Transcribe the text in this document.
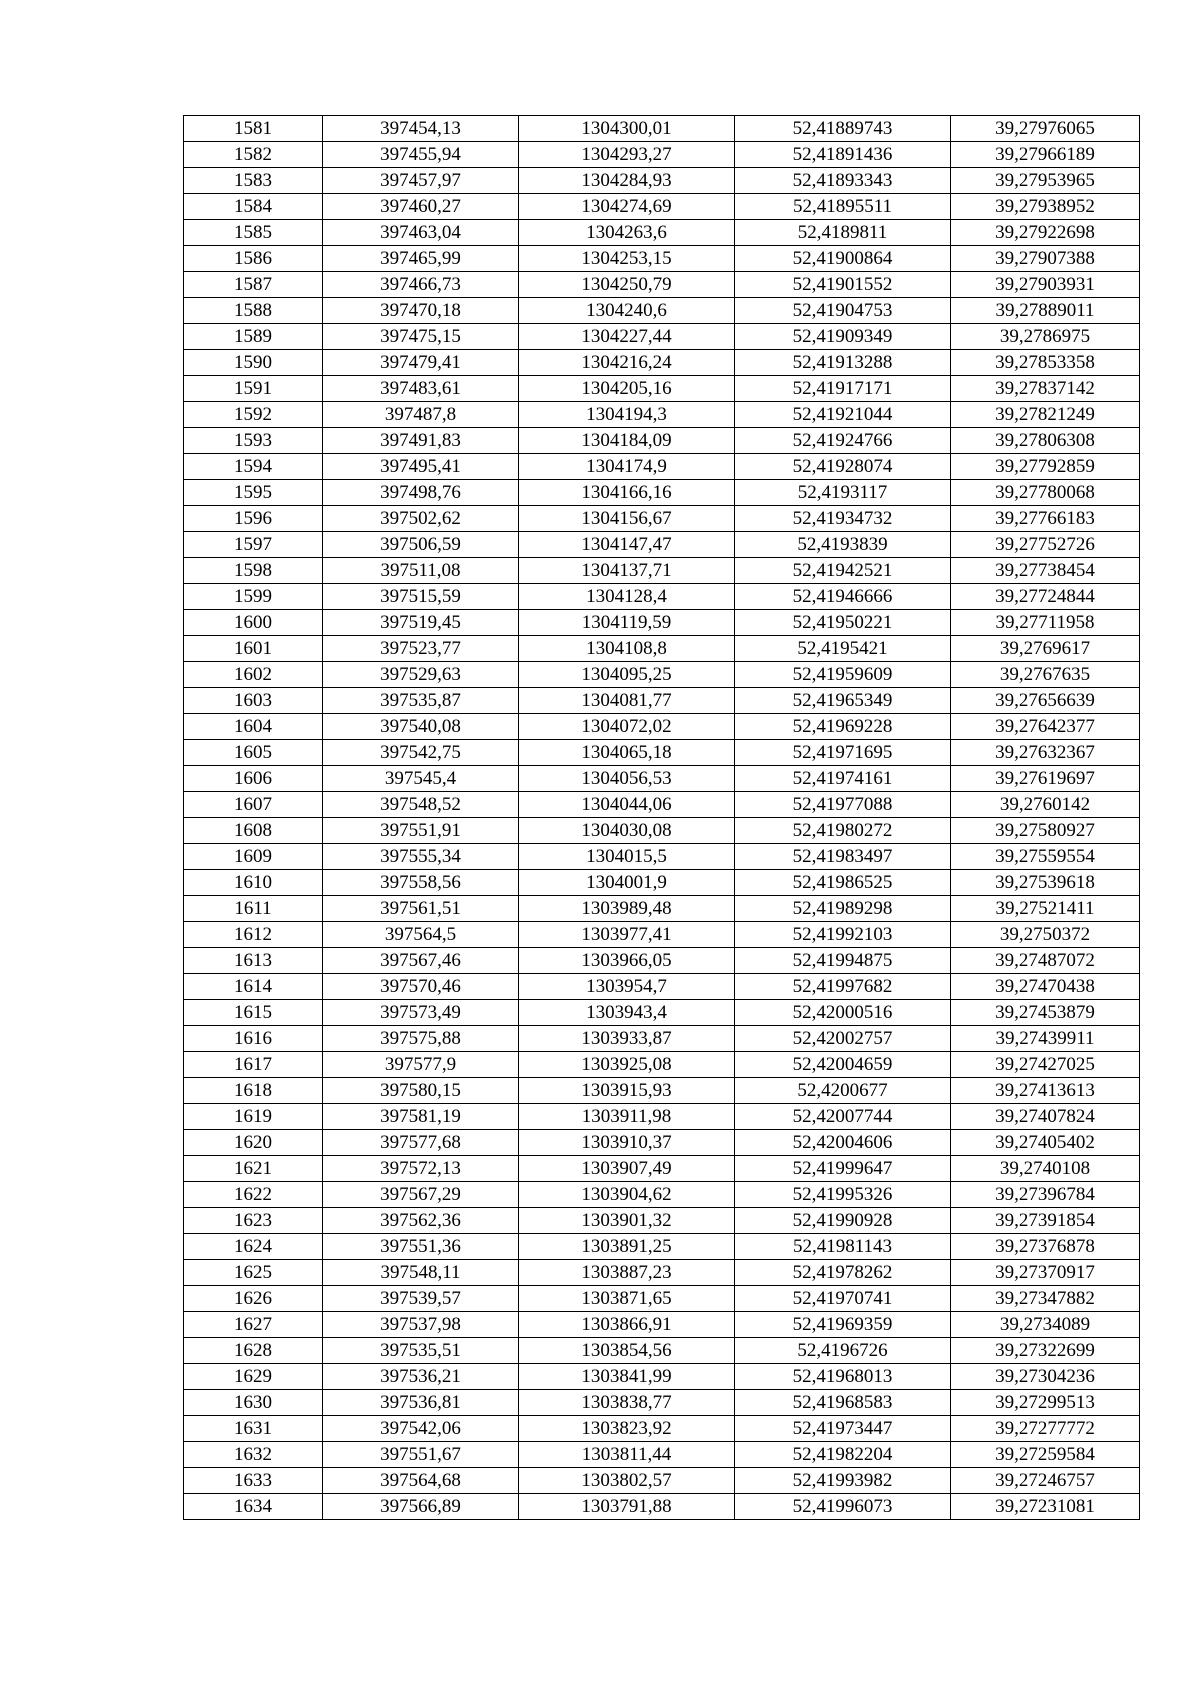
1581	397454,13	1304300,01	52,41889743	39,27976065
1582	397455,94	1304293,27	52,41891436	39,27966189
1583	397457,97	1304284,93	52,41893343	39,27953965
1584	397460,27	1304274,69	52,41895511	39,27938952
1585	397463,04	1304263,6	52,4189811	39,27922698
1586	397465,99	1304253,15	52,41900864	39,27907388
1587	397466,73	1304250,79	52,41901552	39,27903931
1588	397470,18	1304240,6	52,41904753	39,27889011
1589	397475,15	1304227,44	52,41909349	39,2786975
1590	397479,41	1304216,24	52,41913288	39,27853358
1591	397483,61	1304205,16	52,41917171	39,27837142
1592	397487,8	1304194,3	52,41921044	39,27821249
1593	397491,83	1304184,09	52,41924766	39,27806308
1594	397495,41	1304174,9	52,41928074	39,27792859
1595	397498,76	1304166,16	52,4193117	39,27780068
1596	397502,62	1304156,67	52,41934732	39,27766183
1597	397506,59	1304147,47	52,4193839	39,27752726
1598	397511,08	1304137,71	52,41942521	39,27738454
1599	397515,59	1304128,4	52,41946666	39,27724844
1600	397519,45	1304119,59	52,41950221	39,27711958
1601	397523,77	1304108,8	52,4195421	39,2769617
1602	397529,63	1304095,25	52,41959609	39,2767635
1603	397535,87	1304081,77	52,41965349	39,27656639
1604	397540,08	1304072,02	52,41969228	39,27642377
1605	397542,75	1304065,18	52,41971695	39,27632367
1606	397545,4	1304056,53	52,41974161	39,27619697
1607	397548,52	1304044,06	52,41977088	39,2760142
1608	397551,91	1304030,08	52,41980272	39,27580927
1609	397555,34	1304015,5	52,41983497	39,27559554
1610	397558,56	1304001,9	52,41986525	39,27539618
1611	397561,51	1303989,48	52,41989298	39,27521411
1612	397564,5	1303977,41	52,41992103	39,2750372
1613	397567,46	1303966,05	52,41994875	39,27487072
1614	397570,46	1303954,7	52,41997682	39,27470438
1615	397573,49	1303943,4	52,42000516	39,27453879
1616	397575,88	1303933,87	52,42002757	39,27439911
1617	397577,9	1303925,08	52,42004659	39,27427025
1618	397580,15	1303915,93	52,4200677	39,27413613
1619	397581,19	1303911,98	52,42007744	39,27407824
1620	397577,68	1303910,37	52,42004606	39,27405402
1621	397572,13	1303907,49	52,41999647	39,2740108
1622	397567,29	1303904,62	52,41995326	39,27396784
1623	397562,36	1303901,32	52,41990928	39,27391854
1624	397551,36	1303891,25	52,41981143	39,27376878
1625	397548,11	1303887,23	52,41978262	39,27370917
1626	397539,57	1303871,65	52,41970741	39,27347882
1627	397537,98	1303866,91	52,41969359	39,2734089
1628	397535,51	1303854,56	52,4196726	39,27322699
1629	397536,21	1303841,99	52,41968013	39,27304236
1630	397536,81	1303838,77	52,41968583	39,27299513
1631	397542,06	1303823,92	52,41973447	39,27277772
1632	397551,67	1303811,44	52,41982204	39,27259584
1633	397564,68	1303802,57	52,41993982	39,27246757
1634	397566,89	1303791,88	52,41996073	39,27231081
